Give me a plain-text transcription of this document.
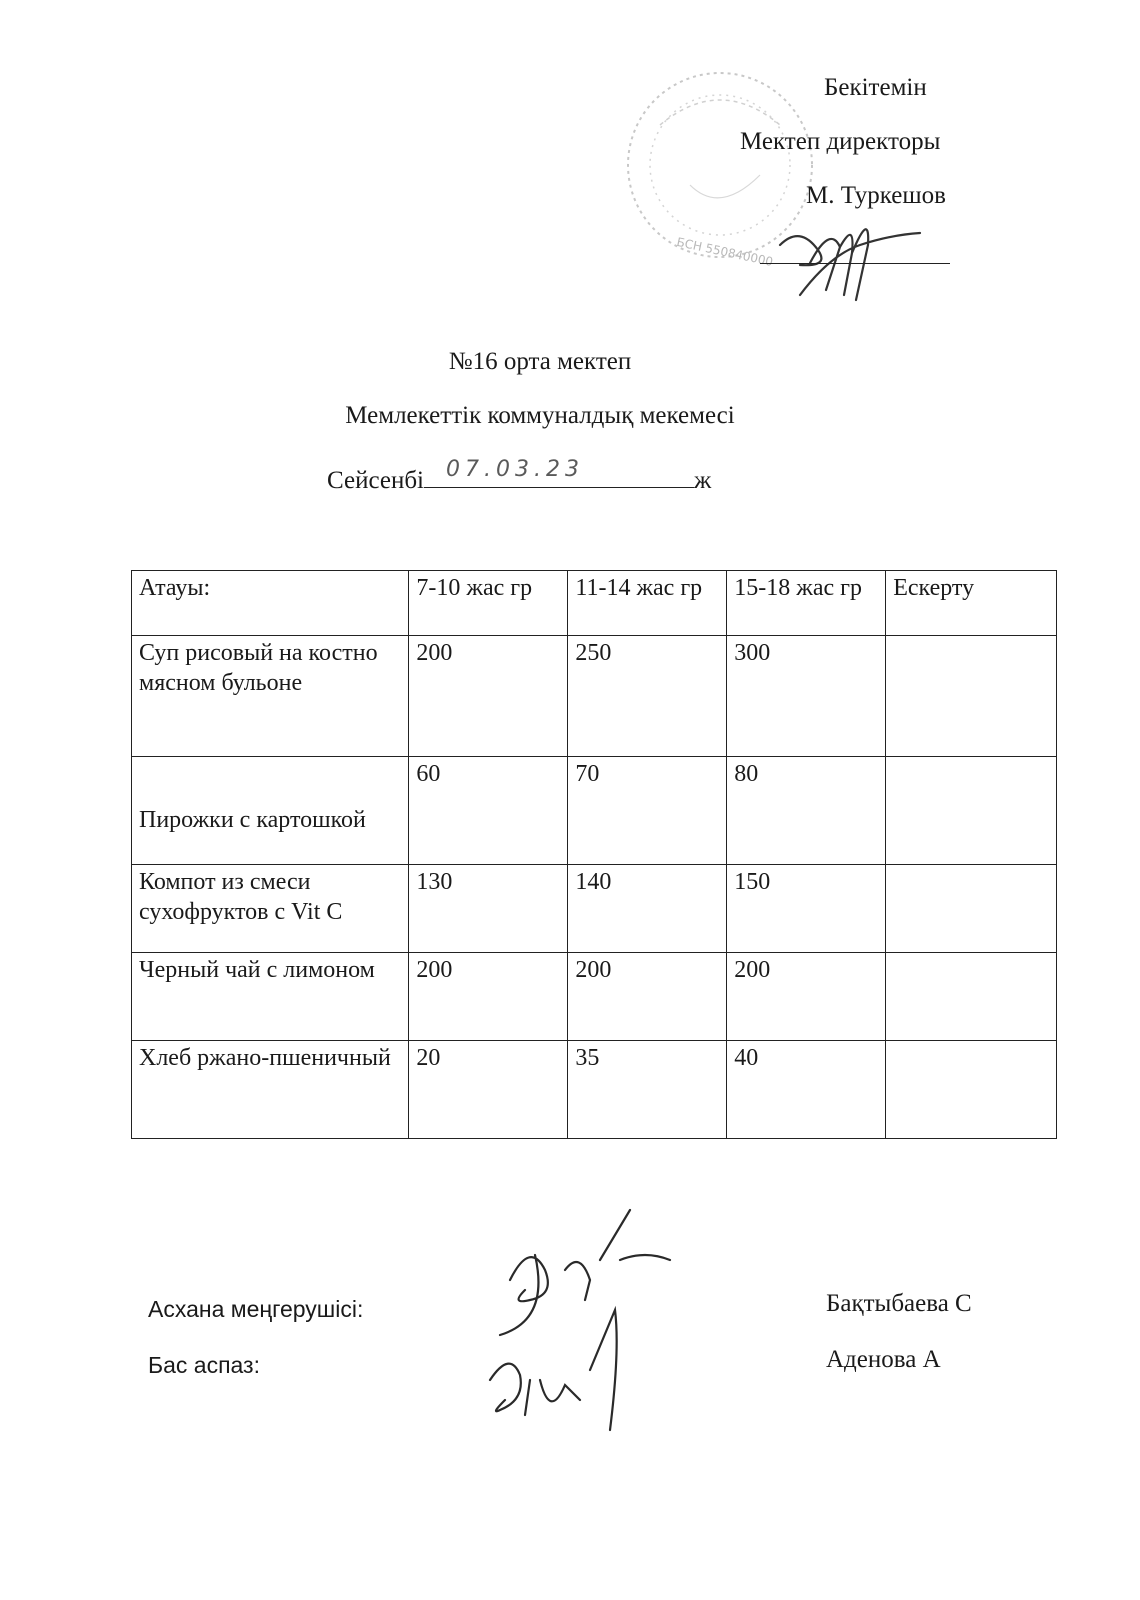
БСН 550840000
Бекітемін
Мектеп директоры
М. Туркешов
№16 орта мектеп
Мемлекеттік коммуналдық мекемесі
Сейсенбі 07.03.23	ж
Атауы:	7-10 жас гр	11-14 жас гр	15-18 жас гр	Ескерту
Суп рисовый на костно мясном бульоне	200	250	300	
Пирожки с картошкой	60	70	80	
Компот из смеси сухофруктов с Vit C	130	140	150	
Черный чай с лимоном	200	200	200	
Хлеб ржано-пшеничный	20	35	40	
Асхана меңгерушісі:
Бас аспаз:
Бақтыбаева С
Аденова А
